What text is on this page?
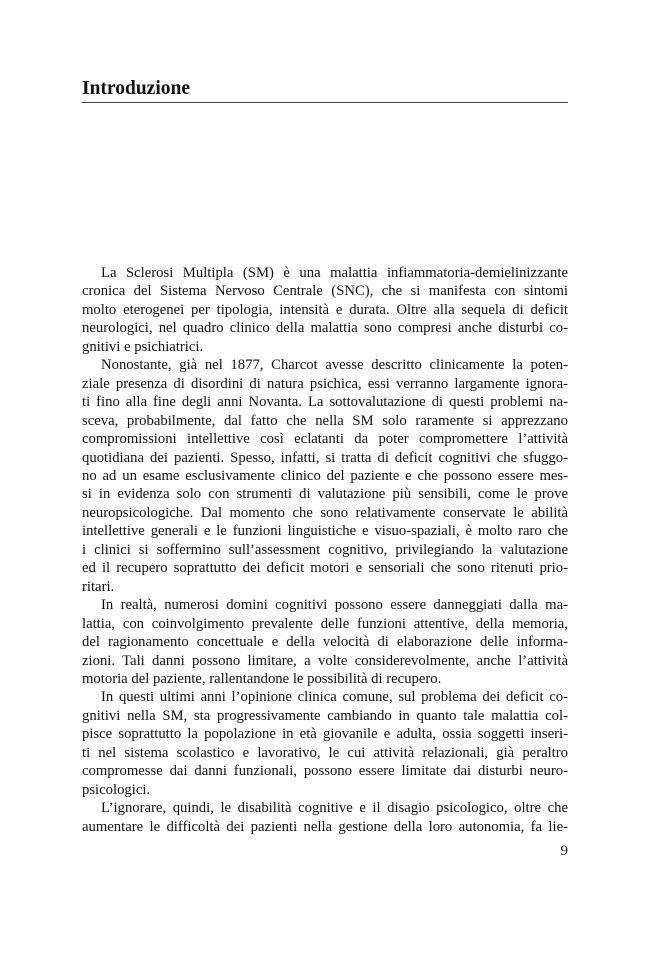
Introduzione
La Sclerosi Multipla (SM) è una malattia infiammatoria-demielinizzante
cronica del Sistema Nervoso Centrale (SNC), che si manifesta con sintomi
molto eterogenei per tipologia, intensità e durata. Oltre alla sequela di deficit
neurologici, nel quadro clinico della malattia sono compresi anche disturbi co-
gnitivi e psichiatrici.
Nonostante, già nel 1877, Charcot avesse descritto clinicamente la poten-
ziale presenza di disordini di natura psichica, essi verranno largamente ignora-
ti fino alla fine degli anni Novanta. La sottovalutazione di questi problemi na-
sceva, probabilmente, dal fatto che nella SM solo raramente si apprezzano
compromissioni intellettive così eclatanti da poter compromettere l’attività
quotidiana dei pazienti. Spesso, infatti, si tratta di deficit cognitivi che sfuggo-
no ad un esame esclusivamente clinico del paziente e che possono essere mes-
si in evidenza solo con strumenti di valutazione più sensibili, come le prove
neuropsicologiche. Dal momento che sono relativamente conservate le abilità
intellettive generali e le funzioni linguistiche e visuo-spaziali, è molto raro che
i clinici si soffermino sull’assessment cognitivo, privilegiando la valutazione
ed il recupero soprattutto dei deficit motori e sensoriali che sono ritenuti prio-
ritari.
In realtà, numerosi domini cognitivi possono essere danneggiati dalla ma-
lattia, con coinvolgimento prevalente delle funzioni attentive, della memoria,
del ragionamento concettuale e della velocità di elaborazione delle informa-
zioni. Tali danni possono limitare, a volte considerevolmente, anche l’attività
motoria del paziente, rallentandone le possibilità di recupero.
In questi ultimi anni l’opinione clinica comune, sul problema dei deficit co-
gnitivi nella SM, sta progressivamente cambiando in quanto tale malattia col-
pisce soprattutto la popolazione in età giovanile e adulta, ossia soggetti inseri-
ti nel sistema scolastico e lavorativo, le cui attività relazionali, già peraltro
compromesse dai danni funzionali, possono essere limitate dai disturbi neuro-
psicologici.
L’ignorare, quindi, le disabilità cognitive e il disagio psicologico, oltre che
aumentare le difficoltà dei pazienti nella gestione della loro autonomia, fa lie-
9
